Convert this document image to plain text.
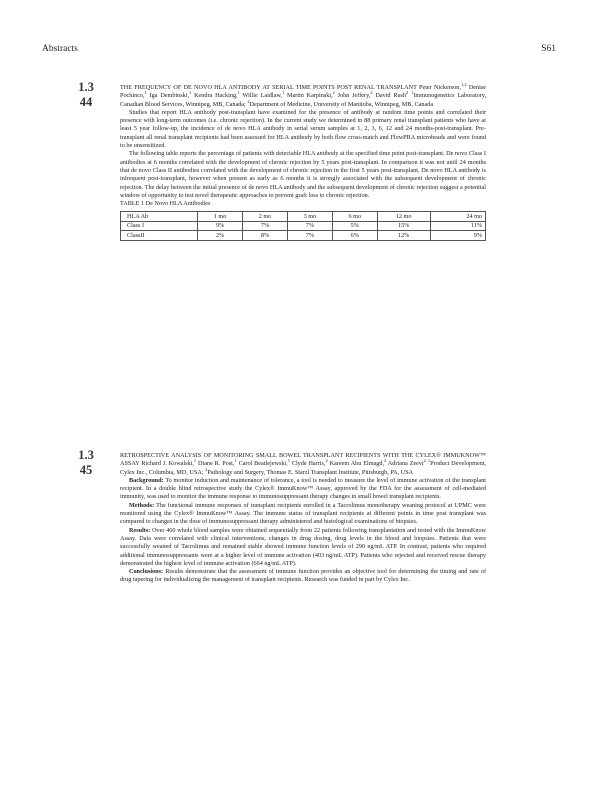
Abstracts	S61
1.3
44

THE FREQUENCY OF DE NOVO HLA ANTIBODY AT SERIAL TIME POINTS POST RENAL TRANSPLANT Peter Nickerson,$^{1,2}$ Denise Pochinco,$^1$ Iga Dembinski,$^1$ Kendra Hacking,$^1$ Willie Laidlaw,$^1$ Martin Karpinski,$^2$ John Jeffery,$^2$ David Rush$^2$ $^1$Immunogenetics Laboratory, Canadian Blood Services, Winnipeg, MB, Canada; $^2$Department of Medicine, University of Manitoba, Winnipeg, MB, Canada

Studies that report HLA antibody post-transplant have examined for the presence of antibody at random time points and correlated their presence with long-term outcomes (i.e. chronic rejection). In the current study we determined in 88 primary renal transplant patients who have at least 5 year follow-up, the incidence of de novo HLA antibody in serial serum samples at 1, 2, 3, 6, 12 and 24 months-post-transplant. Pre-transplant all renal transplant recipients had been assessed for HLA antibody by both flow cross-match and FlowPRA microbeads and were found to be unsensitized.

The following table reports the percentage of patients with detectable HLA antibody at the specified time point post-transplant. De novo Class I antibodies at 6 months correlated with the development of chronic rejection by 5 years post-transplant. In comparison it was not until 24 months that de novo Class II antibodies correlated with the development of chronic rejection in the first 5 years post-transplant. De novo HLA antibody is infrequent post-transplant, however when present as early as 6 months it is strongly associated with the subsequent development of chronic rejection. The delay between the initial presence of de novo HLA antibody and the subsequent development of chronic rejection suggest a potential window of opportunity to test novel therapeutic approaches to prevent graft loss to chronic rejection.

TABLE 1 De Novo HLA Antibodies
HLA Ab	1 mo	2 mo	3 mo	6 mo	12 mo	24 mo
Class I	9%	7%	7%	5%	15%	11%
ClassII	2%	8%	7%	6%	12%	9%
1.3
45

RETROSPECTIVE ANALYSIS OF MONITORING SMALL BOWEL TRANSPLANT RECIPIENTS WITH THE CYLEX® IMMUKNOW™ ASSAY Richard J. Kowalski,$^1$ Diane R. Post,$^1$ Carol Beatlejewski,$^1$ Clyde Harris,$^2$ Kareem Abu Elmagd,$^2$ Adriana Zeevi$^2$ $^1$Product Development, Cylex Inc., Columbia, MD, USA; $^2$Pathology and Surgery, Thomas E. Starzl Transplant Institute, Pittsburgh, PA, USA

Background: To monitor induction and maintenance of tolerance, a tool is needed to measure the level of immune activation of the transplant recipient. In a double blind retrospective study the Cylex® ImmuKnow™ Assay, approved by the FDA for the assessment of cell-mediated immunity, was used to monitor the immune response to immunosuppressant therapy changes in small bowel transplant recipients.

Methods: The functional immune responses of transplant recipients enrolled in a Tacrolimus monotherapy weaning protocol at UPMC were monitored using the Cylex® ImmuKnow™ Assay. The immune status of transplant recipients at different points in time post transplant was compared to changes in the dose of immunosuppressant therapy administered and histological examinations of biopsies.

Results: Over 460 whole blood samples were obtained sequentially from 22 patients following transplantation and tested with the ImmuKnow Assay. Data were correlated with clinical interventions, changes in drug dosing, drug levels in the blood and biopsies. Patients that were successfully weaned of Tacrolimus and remained stable showed immune function levels of 290 ng/mL ATP. In contrast, patients who required additional immunosuppressants were at a higher level of immune activation (403 ng/mL ATP). Patients who rejected and received rescue therapy demonstrated the highest level of immune activation (664 ng/mL ATP).

Conclusions: Results demonstrate that the assessment of immune function provides an objective tool for determining the timing and rate of drug tapering for individualizing the management of transplant recipients. Research was funded in part by Cylex Inc.
